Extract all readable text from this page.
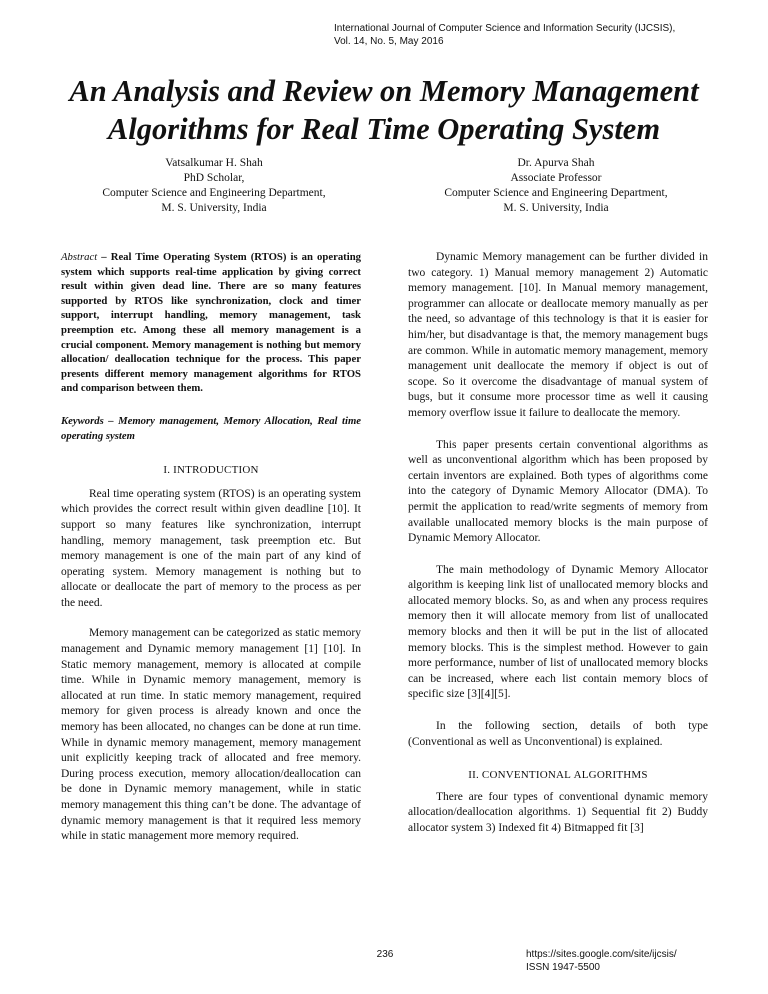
International Journal of Computer Science and Information Security (IJCSIS),
Vol. 14, No. 5, May 2016
An Analysis and Review on Memory Management
Algorithms for Real Time Operating System
Vatsalkumar H. Shah
PhD Scholar,
Computer Science and Engineering Department,
M. S. University, India
Dr. Apurva Shah
Associate Professor
Computer Science and Engineering Department,
M. S. University, India

Abstract – Real Time Operating System (RTOS) is an operating system which supports real-time application by giving correct result within given dead line. There are so many features supported by RTOS like synchronization, clock and timer support, interrupt handling, memory management, task preemption etc. Among these all memory management is a crucial component. Memory management is nothing but memory allocation/ deallocation technique for the process. This paper presents different memory management algorithms for RTOS and comparison between them.

Keywords – Memory management, Memory Allocation, Real time operating system

I. INTRODUCTION

Real time operating system (RTOS) is an operating system which provides the correct result within given deadline [10]. It support so many features like synchronization, interrupt handling, memory management, task preemption etc. But memory management is one of the main part of any kind of operating system. Memory management is nothing but to allocate or deallocate the part of memory to the process as per the need.

Memory management can be categorized as static memory management and Dynamic memory management [1] [10]. In Static memory management, memory is allocated at compile time. While in Dynamic memory management, memory is allocated at run time. In static memory management, required memory for given process is already known and once the memory has been allocated, no changes can be done at run time. While in dynamic memory management, memory management unit explicitly keeping track of allocated and free memory. During process execution, memory allocation/deallocation can be done in Dynamic memory management, while in static memory management this thing can’t be done. The advantage of dynamic memory management is that it required less memory while in static management more memory required.

Dynamic Memory management can be further divided in two category. 1) Manual memory management 2) Automatic memory management. [10]. In Manual memory management, programmer can allocate or deallocate memory manually as per the need, so advantage of this technology is that it is easier for him/her, but disadvantage is that, the memory management bugs are common. While in automatic memory management, memory management unit deallocate the memory if object is out of scope. So it overcome the disadvantage of manual system of bugs, but it consume more processor time as well it causing memory overflow issue it failure to deallocate the memory.

This paper presents certain conventional algorithms as well as unconventional algorithm which has been proposed by certain inventors are explained. Both types of algorithms come into the category of Dynamic Memory Allocator (DMA). To permit the application to read/write segments of memory from available unallocated memory blocks is the main purpose of Dynamic Memory Allocator.

The main methodology of Dynamic Memory Allocator algorithm is keeping link list of unallocated memory blocks and allocated memory blocks. So, as and when any process requires memory then it will allocate memory from list of unallocated memory blocks and then it will be put in the list of allocated memory blocks. This is the simplest method. However to gain more performance, number of list of unallocated memory blocks can be increased, where each list contain memory blocs of specific size [3][4][5].

In the following section, details of both type (Conventional as well as Unconventional) is explained.

II. CONVENTIONAL ALGORITHMS

There are four types of conventional dynamic memory allocation/deallocation algorithms. 1) Sequential fit 2) Buddy allocator system 3) Indexed fit 4) Bitmapped fit [3]

236	https://sites.google.com/site/ijcsis/
ISSN 1947-5500
